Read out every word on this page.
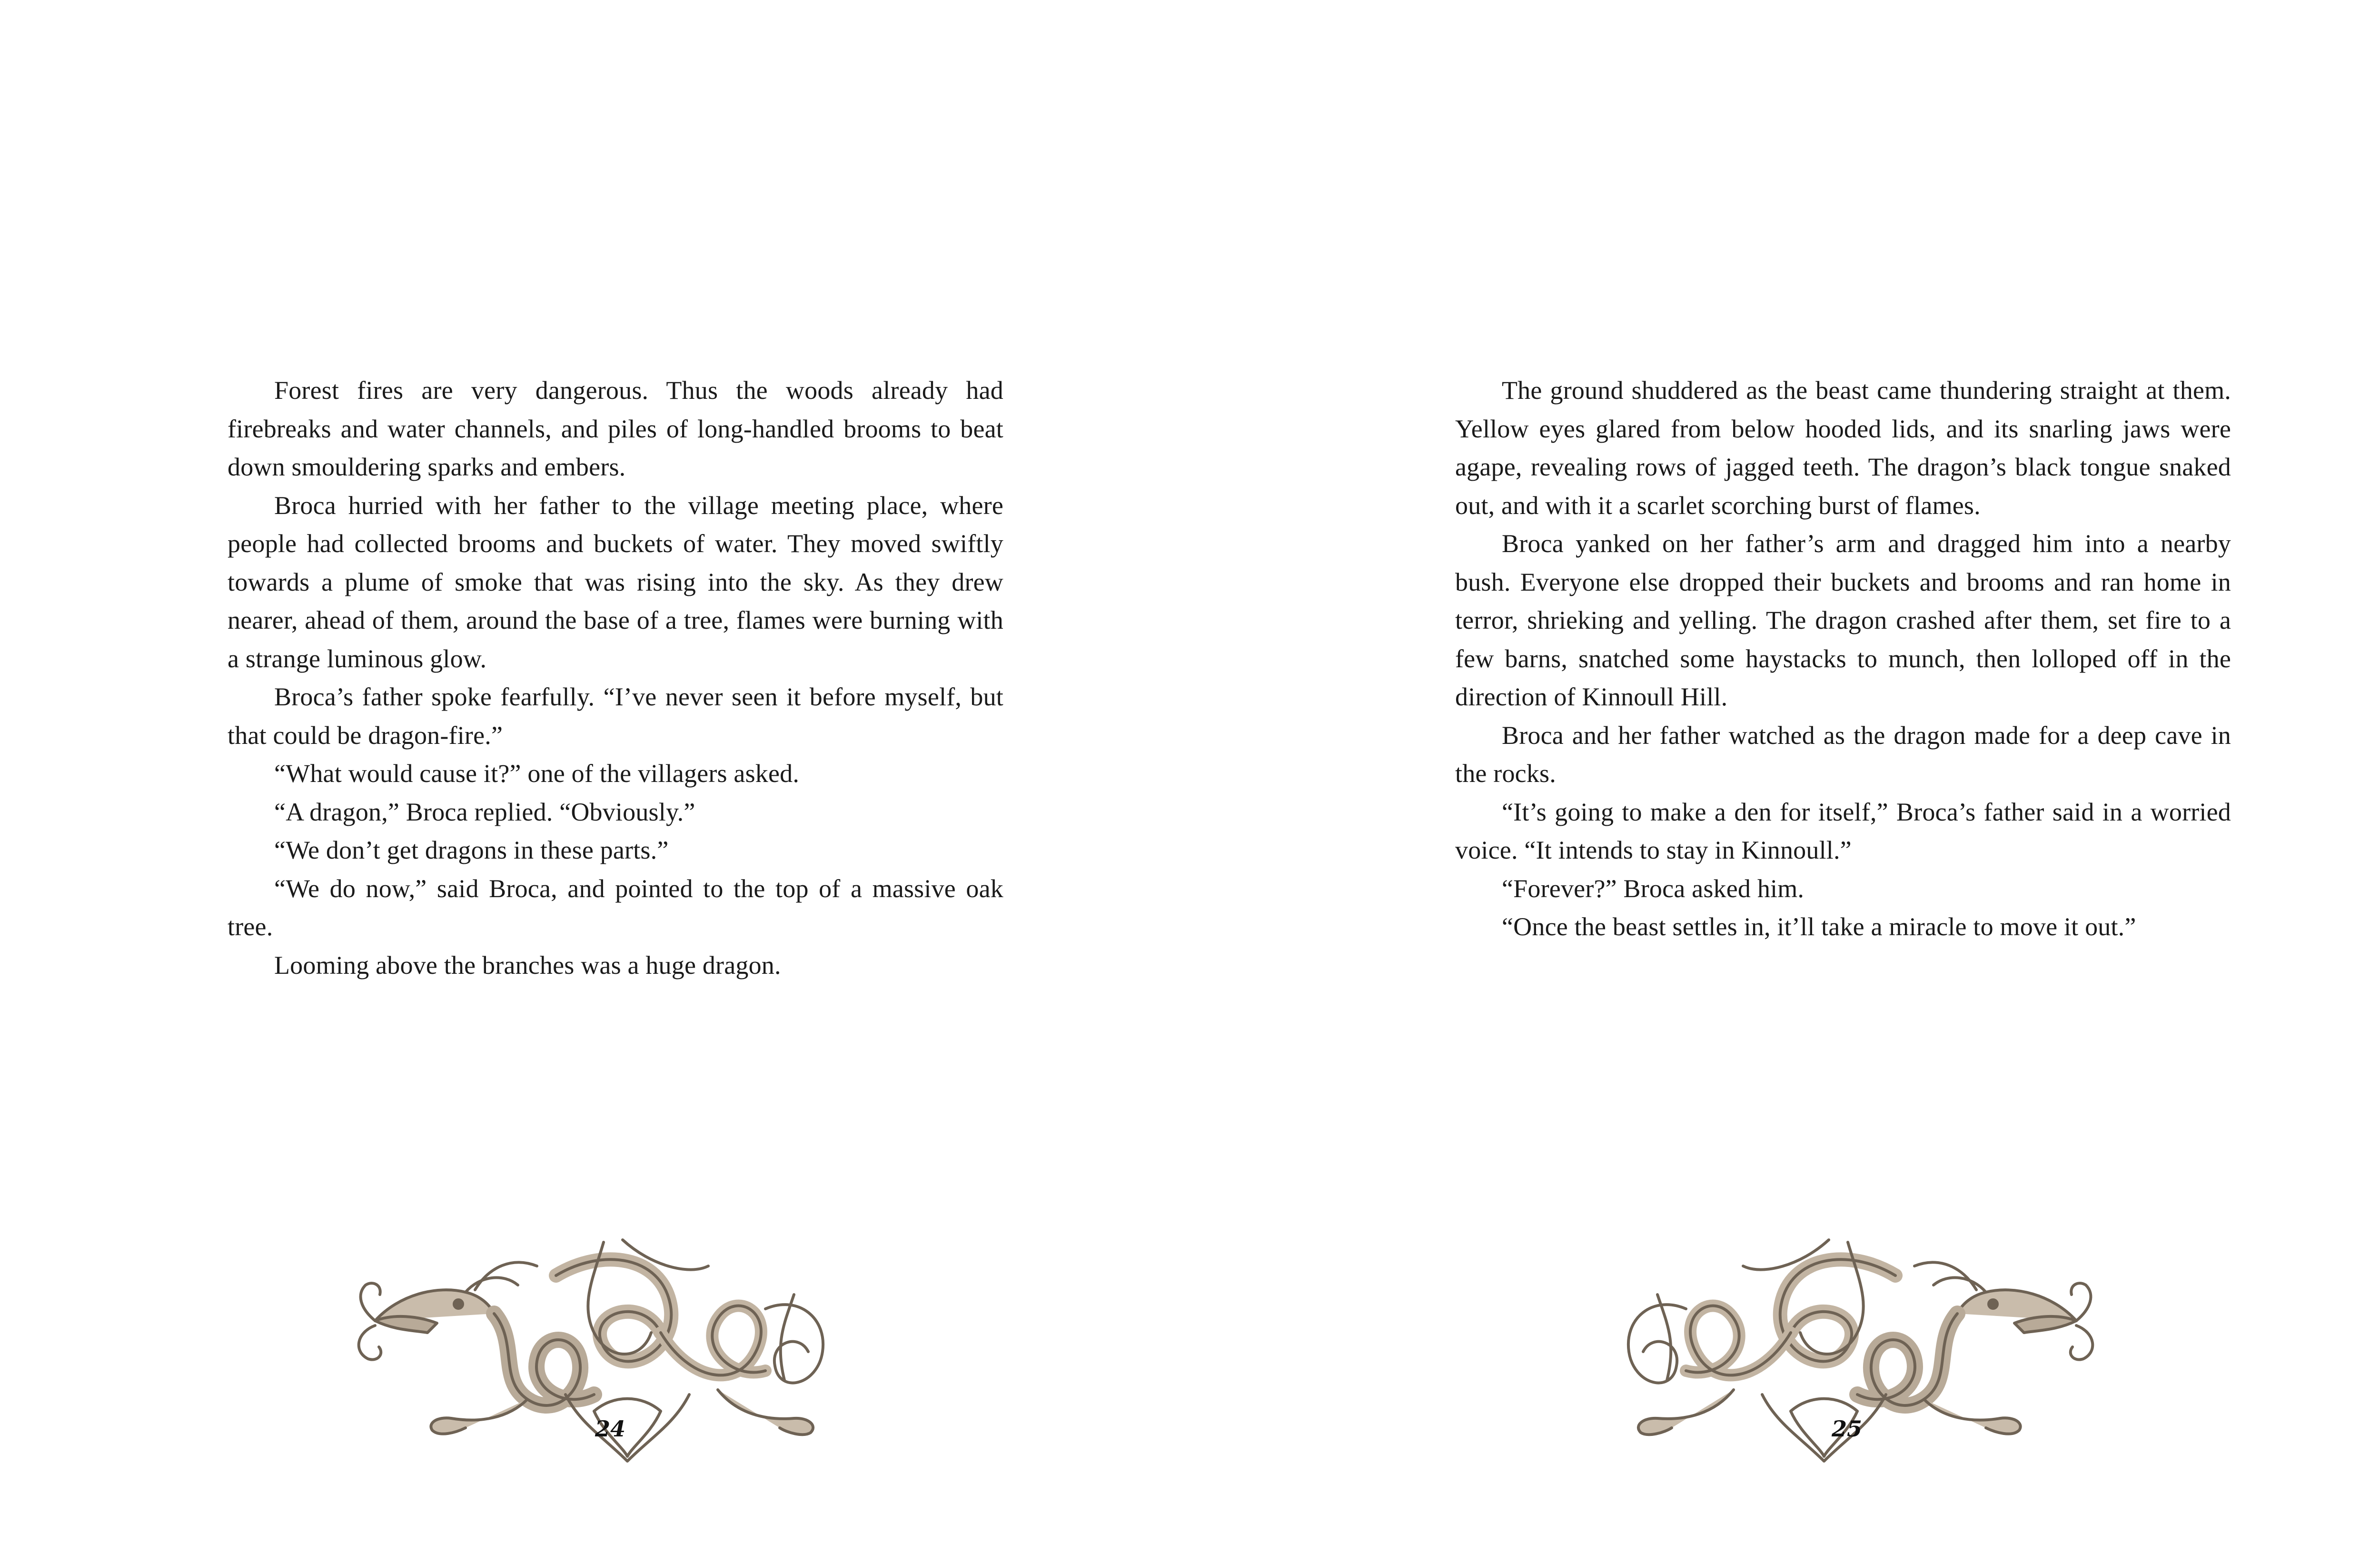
Forest fires are very dangerous. Thus the woods already had firebreaks and water channels, and piles of long-handled brooms to beat down smouldering sparks and embers.

Broca hurried with her father to the village meeting place, where people had collected brooms and buckets of water. They moved swiftly towards a plume of smoke that was rising into the sky. As they drew nearer, ahead of them, around the base of a tree, flames were burning with a strange luminous glow.

Broca’s father spoke fearfully. “I’ve never seen it before myself, but that could be dragon-fire.”

“What would cause it?” one of the villagers asked.

“A dragon,” Broca replied. “Obviously.”

“We don’t get dragons in these parts.”

“We do now,” said Broca, and pointed to the top of a massive oak tree.

Looming above the branches was a huge dragon.

24

The ground shuddered as the beast came thundering straight at them. Yellow eyes glared from below hooded lids, and its snarling jaws were agape, revealing rows of jagged teeth. The dragon’s black tongue snaked out, and with it a scarlet scorching burst of flames.

Broca yanked on her father’s arm and dragged him into a nearby bush. Everyone else dropped their buckets and brooms and ran home in terror, shrieking and yelling. The dragon crashed after them, set fire to a few barns, snatched some haystacks to munch, then lolloped off in the direction of Kinnoull Hill.

Broca and her father watched as the dragon made for a deep cave in the rocks.

“It’s going to make a den for itself,” Broca’s father said in a worried voice. “It intends to stay in Kinnoull.”

“Forever?” Broca asked him.

“Once the beast settles in, it’ll take a miracle to move it out.”

25
